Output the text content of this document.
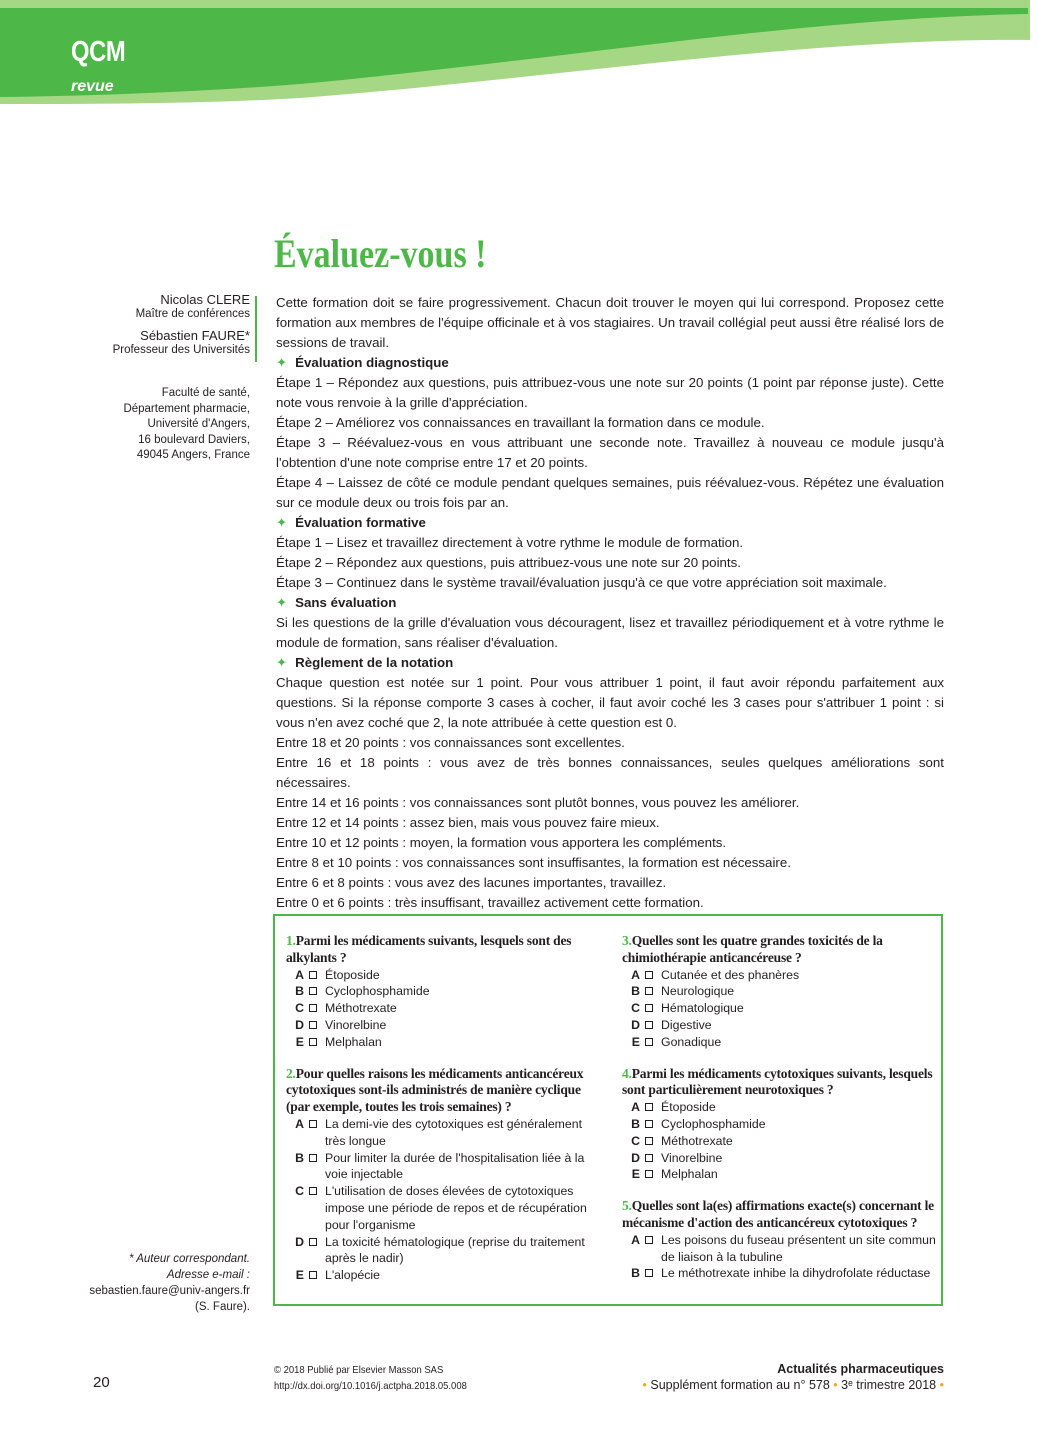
QCM
revue
Évaluez-vous !
Nicolas CLERE
Maître de conférences
Sébastien FAURE*
Professeur des Universités
Faculté de santé,
Département pharmacie,
Université d'Angers,
16 boulevard Daviers,
49045 Angers, France

Cette formation doit se faire progressivement. Chacun doit trouver le moyen qui lui correspond. Proposez cette formation aux membres de l'équipe officinale et à vos stagiaires. Un travail collégial peut aussi être réalisé lors de sessions de travail.

✦ Évaluation diagnostique

Étape 1 – Répondez aux questions, puis attribuez-vous une note sur 20 points (1 point par réponse juste). Cette note vous renvoie à la grille d'appréciation.

Étape 2 – Améliorez vos connaissances en travaillant la formation dans ce module.

Étape 3 – Réévaluez-vous en vous attribuant une seconde note. Travaillez à nouveau ce module jusqu'à l'obtention d'une note comprise entre 17 et 20 points.

Étape 4 – Laissez de côté ce module pendant quelques semaines, puis réévaluez-vous. Répétez une évaluation sur ce module deux ou trois fois par an.

✦ Évaluation formative

Étape 1 – Lisez et travaillez directement à votre rythme le module de formation.

Étape 2 – Répondez aux questions, puis attribuez-vous une note sur 20 points.

Étape 3 – Continuez dans le système travail/évaluation jusqu'à ce que votre appréciation soit maximale.

✦ Sans évaluation

Si les questions de la grille d'évaluation vous découragent, lisez et travaillez périodiquement et à votre rythme le module de formation, sans réaliser d'évaluation.

✦ Règlement de la notation

Chaque question est notée sur 1 point. Pour vous attribuer 1 point, il faut avoir répondu parfaitement aux questions. Si la réponse comporte 3 cases à cocher, il faut avoir coché les 3 cases pour s'attribuer 1 point : si vous n'en avez coché que 2, la note attribuée à cette question est 0.

Entre 18 et 20 points : vos connaissances sont excellentes.

Entre 16 et 18 points : vous avez de très bonnes connaissances, seules quelques améliorations sont nécessaires.

Entre 14 et 16 points : vos connaissances sont plutôt bonnes, vous pouvez les améliorer.

Entre 12 et 14 points : assez bien, mais vous pouvez faire mieux.

Entre 10 et 12 points : moyen, la formation vous apportera les compléments.

Entre 8 et 10 points : vos connaissances sont insuffisantes, la formation est nécessaire.

Entre 6 et 8 points : vous avez des lacunes importantes, travaillez.

Entre 0 et 6 points : très insuffisant, travaillez activement cette formation.

1.Parmi les médicaments suivants, lesquels sont des alkylants ?
A Étoposide
B Cyclophosphamide
C Méthotrexate
D Vinorelbine
E Melphalan
2.Pour quelles raisons les médicaments anticancéreux cytotoxiques sont-ils administrés de manière cyclique (par exemple, toutes les trois semaines) ?
A La demi-vie des cytotoxiques est généralement très longue
B Pour limiter la durée de l'hospitalisation liée à la voie injectable
C L'utilisation de doses élevées de cytotoxiques impose une période de repos et de récupération pour l'organisme
D La toxicité hématologique (reprise du traitement après le nadir)
E L'alopécie
3.Quelles sont les quatre grandes toxicités de la chimiothérapie anticancéreuse ?
A Cutanée et des phanères
B Neurologique
C Hématologique
D Digestive
E Gonadique
4.Parmi les médicaments cytotoxiques suivants, lesquels sont particulièrement neurotoxiques ?
A Étoposide
B Cyclophosphamide
C Méthotrexate
D Vinorelbine
E Melphalan
5.Quelles sont la(es) affirmations exacte(s) concernant le mécanisme d'action des anticancéreux cytotoxiques ?
A Les poisons du fuseau présentent un site commun de liaison à la tubuline
B Le méthotrexate inhibe la dihydrofolate réductase
* Auteur correspondant.
Adresse e-mail :
sebastien.faure@univ-angers.fr
(S. Faure).
20
© 2018 Publié par Elsevier Masson SAS
http://dx.doi.org/10.1016/j.actpha.2018.05.008
Actualités pharmaceutiques
• Supplément formation au n° 578 • 3ᵉ trimestre 2018 •
